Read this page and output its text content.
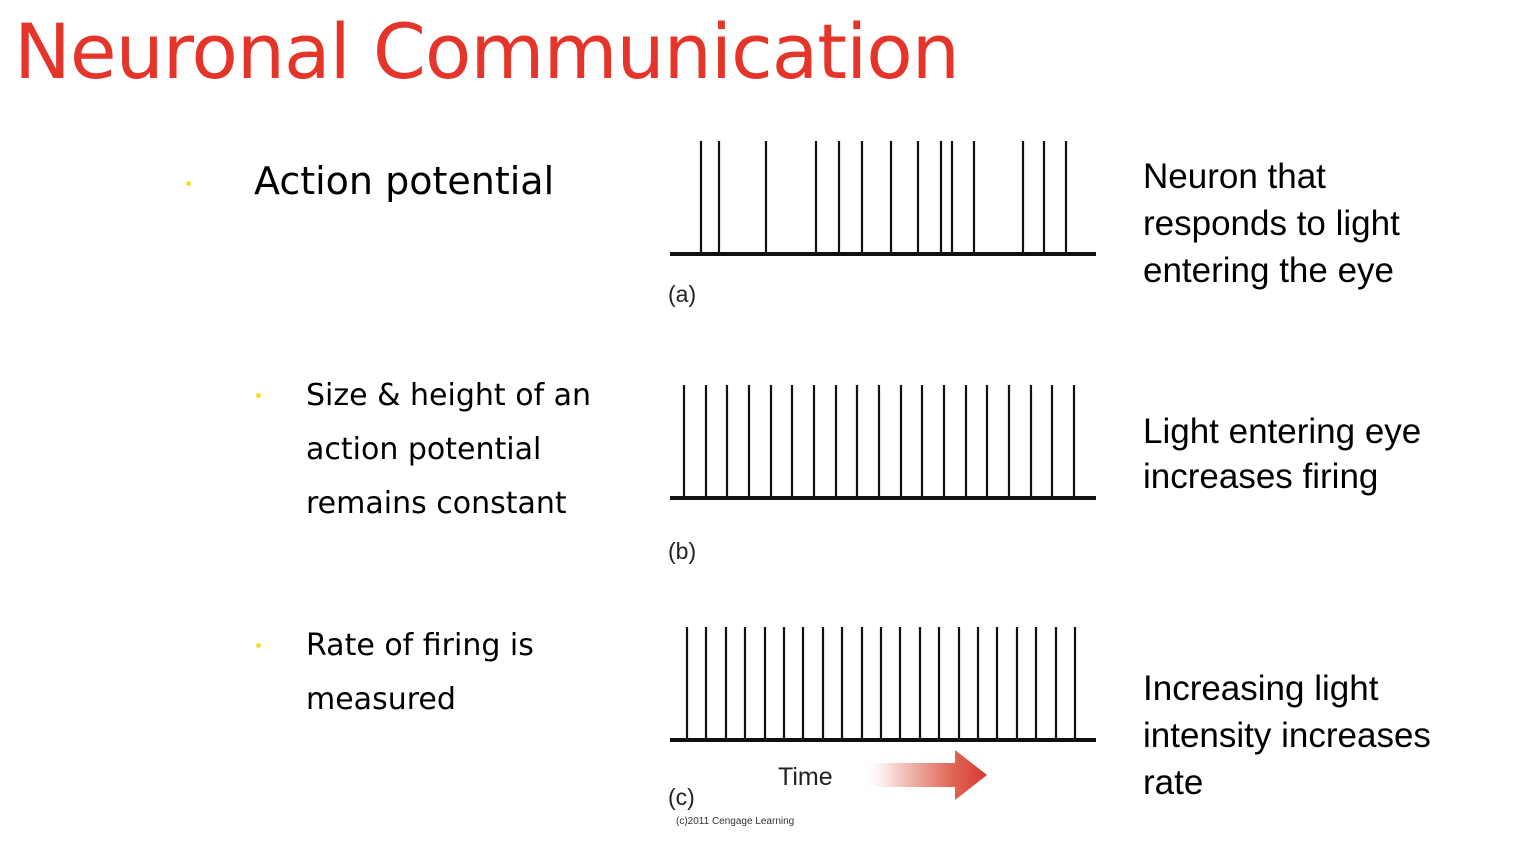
Neuronal Communication

Action potential

Size & height of an
action potential
remains constant

Rate of firing is
measured

(a)
(b)
(c)
Time
(c)2011 Cengage Learning

Neuron that
responds to light
entering the eye

Light entering eye
increases firing

Increasing light
intensity increases
rate
